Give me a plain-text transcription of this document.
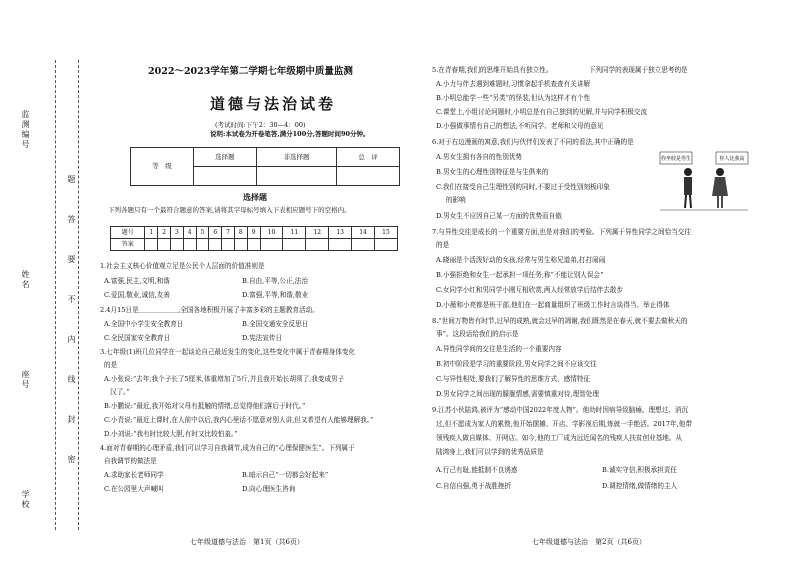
监测编号
姓名
座号
学校
题
答
要
不
内
线
封
密
2022～2023学年第二学期七年级期中质量监测
道德与法治试卷
(考试时间:下午2：30—4：00)
说明:本试卷为开卷笔答,满分100分,答题时间90分钟。
等　级	选择题	非选择题	总　评

选择题
下列各题只有一个最符合题意的答案,请将其字母标号填入下表相应题号下的空格内。
题号	1	2	3	4	5	6	7	8	9	10	11	12	13	14	15
答案															
1.社会主义核心价值观立足是公民个人层面的价值准则是
A.富强,民主,文明,和谐	B.自由,平等,公正,法治
C.爱国,敬业,诚信,友善	D.富强,平等,和谐,敬业
2.4月15日是＿＿＿＿＿＿,全国各地积极开展了丰富多彩的主题教育活动。
A.全国中小学生安全教育日	B.全国交通安全反思日
C.全民国家安全教育日	D.宪法宣传日
3.七年级(1)班几位同学在一起谈论自己最近发生的变化,这些变化中属于青春期身体变化
的是
A.小张说:“去年,我个子长了5厘米,体重增加了5斤,并且我开始长胡须了,我变成男子
汉了。”
B.小鹏说:“最近,我开始对父母有抵触的情绪,总觉得他们落后于时代。”
C.小青说:“最近上课时,在人前中以后,我内心里话不愿意对别人讲,但又希望有人能够理解我。”
D.小刘说:“我有时比较大胆,有时又比较怕羞。”
4.面对青春期的心理矛盾,我们可以学习自我调节,成为自己的“心理保健医生”。下列属于
自我调节的做法是
A.求助家长老师同学	B.暗示自己“一切都会好起来”
C.在公园里大声喊叫	D.向心理医生咨询
七年级道德与法治　第1页（共6页）
5.在青春期,我们的思维开始具有独立性。　　　　　　下列同学的表现属于独立思考的是
A.小力与伴去遇到难题时,习惯拿起手机查查有关讲解
B.小明总能学一些“另类”的怪装,但认为这样才有个性
C.课堂上,小组讨论问题时,小明总是有自己独到的见解,并与同学积极交流
D.小强做事情有自己的想法,不听同学、老师和父母的意见
6.对于右边漫画的寓意,我们与伙伴们发表了不同的看法,其中正确的是
A.男女生拥有各自的性别优势
B.男女生的心理性别特征是与生俱来的
C.我们在接受自己生理性别的同时,不要过于受性别刻板印象
的影响
D.男女生不应因自己某一方面的优势而自傲
你坐肢是男生	你人比我高
7.与异性交往是成长的一个重要方面,也是对我们的考验。下列属于异性同学之间恰当交往
的是
A.晓丽是个活泼好动的女孩,经常与男生称兄道弟,打打闹闹
B.小强拒绝和女生一起承担一项任务,称“不能让别人误会”
C.女同学小红和男同学小刚互相欣赏,两人经常放学后结伴去散步
D.小薇和小亮都是班干部,他们在一起商量组织了班级工作时言谈得当、举止得体
8.“世间万物皆有时节,过早的成熟,就会过早的凋谢,我们既然是在春天,就不要去做秋天的
事”。这段话给我们的启示是
A.异性同学间的交往是生活的一个重要内容
B.初中阶段是学习的重要阶段,男女同学之间不应该交往
C.与异性相处,要我们了解异性的思维方式、感情特征
D.男女同学之间出现的朦胧情感,需要慎重对待,理智处理
9.江苏小伙陆鸿,被评为“感动中国2022年度人物”。他幼时因病导致脑瘫。理想过、消沉
过,但不愿成为家人的累赘,他开始摆摊、开店、学影视后期,炼就一手绝活。2017年,他带
领残疾人做自媒体、开网店。如今,他的工厂成为远近闻名的残疾人扶贫创业基地。从
陆鸿身上,我们可以学到的优秀品质是
A.行己有耻,能抵制不良诱惑	B.诚实守信,积极承担责任
C.自信自强,勇于战胜挫折	D.调控情绪,做情绪的主人
七年级道德与法治　第2页（共6页）
